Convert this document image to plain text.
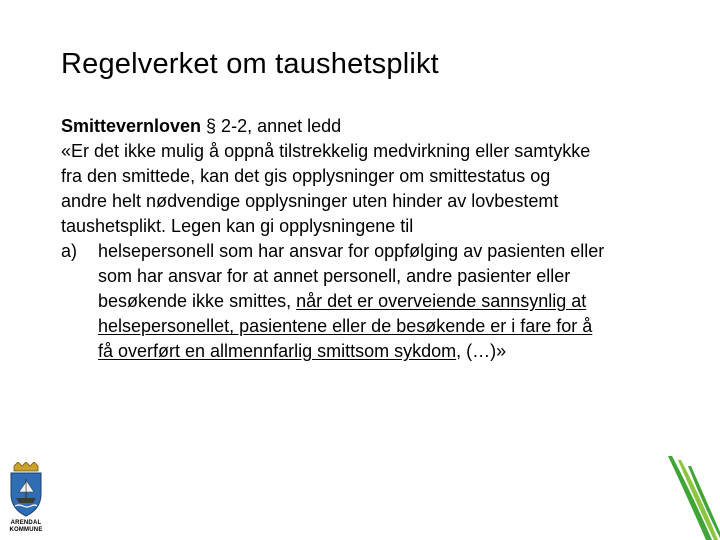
Regelverket om taushetsplikt
Smittevernloven § 2-2, annet ledd
«Er det ikke mulig å oppnå tilstrekkelig medvirkning eller samtykke
fra den smittede, kan det gis opplysninger om smittestatus og
andre helt nødvendige opplysninger uten hinder av lovbestemt
taushetsplikt. Legen kan gi opplysningene til
a)	helsepersonell som har ansvar for oppfølging av pasienten eller
som har ansvar for at annet personell, andre pasienter eller
besøkende ikke smittes, når det er overveiende sannsynlig at
helsepersonellet, pasientene eller de besøkende er i fare for å
få overført en allmennfarlig smittsom sykdom, (…)»
ARENDAL
KOMMUNE
